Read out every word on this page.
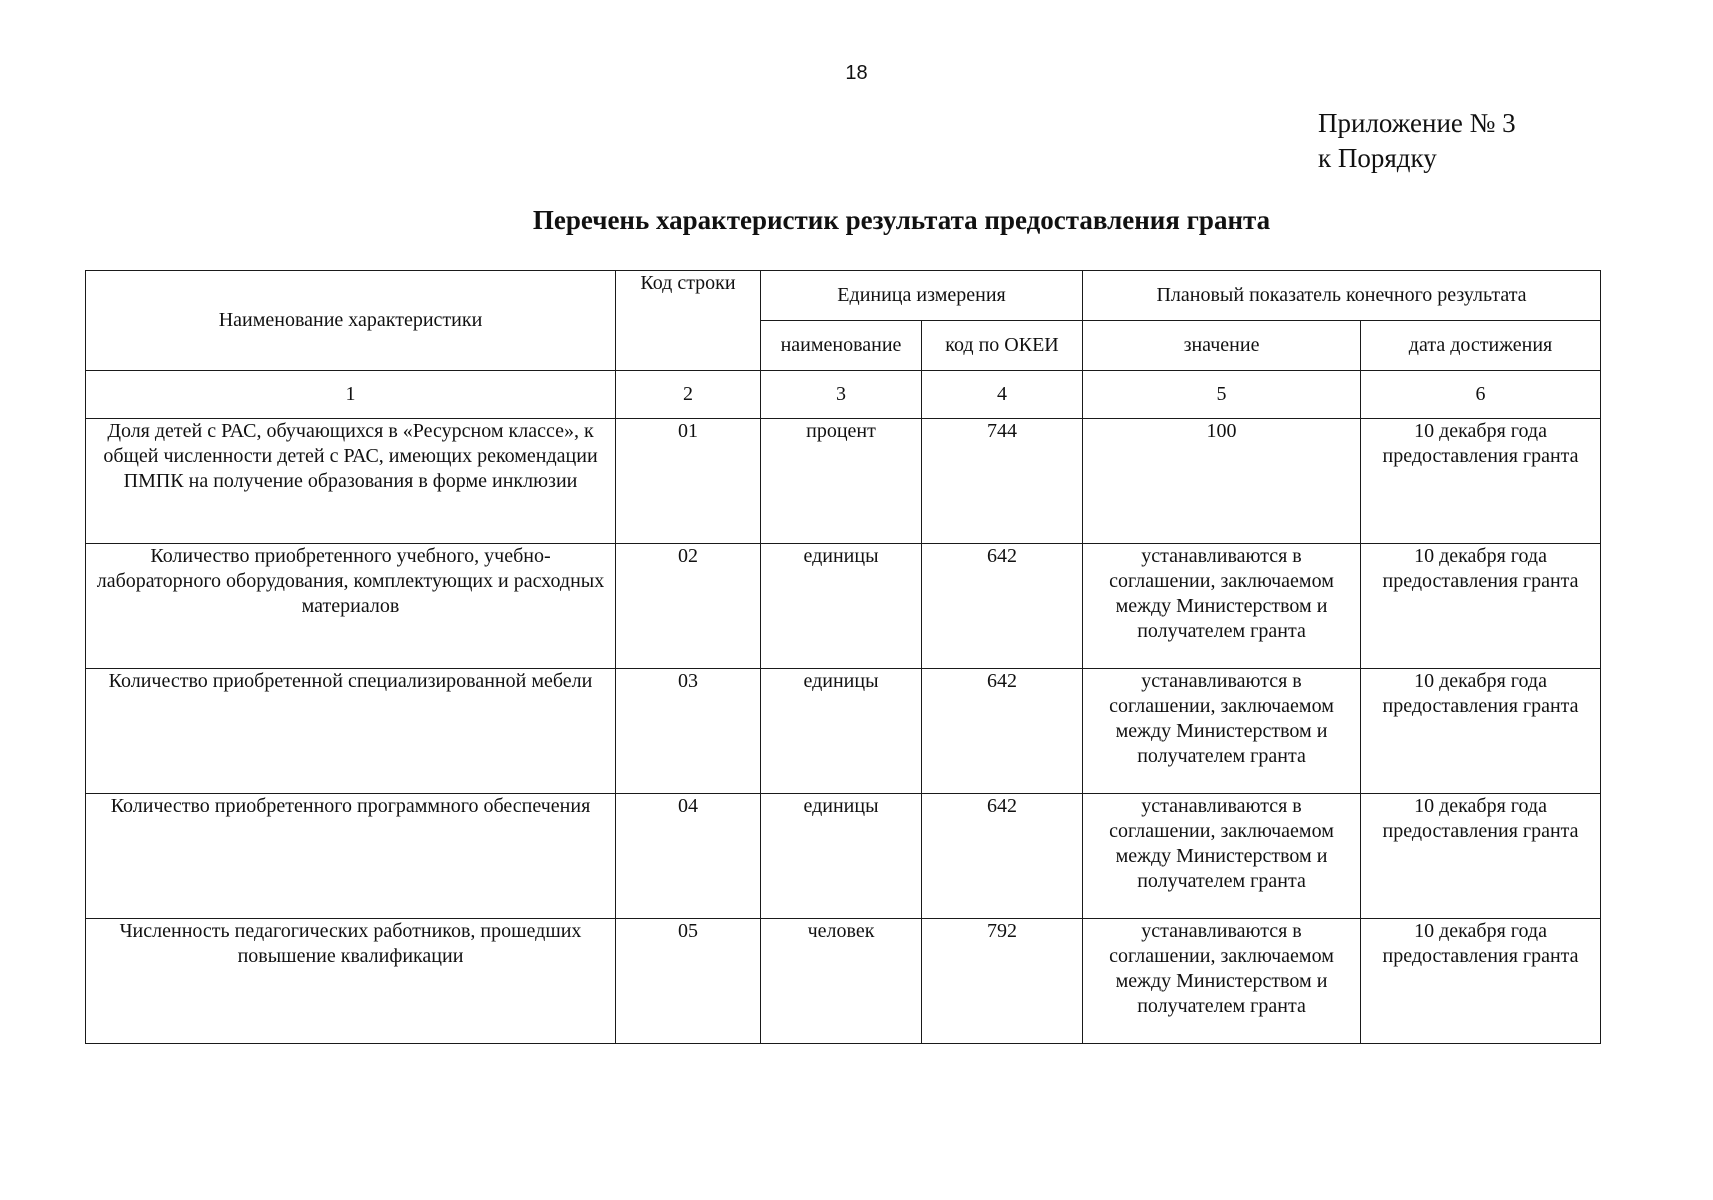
18
Приложение № 3
к Порядку
Перечень характеристик результата предоставления гранта
Наименование характеристики	Код строки	Единица измерения		Плановый показатель конечного результата	
		наименование	код по ОКЕИ	значение	дата достижения
1	2	3	4	5	6
Доля детей с РАС, обучающихся в «Ресурсном классе», к общей численности детей с РАС, имеющих рекомендации ПМПК на получение образования в форме инклюзии	01	процент	744	100	10 декабря года предоставления гранта
Количество приобретенного учебного, учебно-лабораторного оборудования, комплектующих и расходных материалов	02	единицы	642	устанавливаются в соглашении, заключаемом между Министерством и получателем гранта	10 декабря года предоставления гранта
Количество приобретенной специализированной мебели	03	единицы	642	устанавливаются в соглашении, заключаемом между Министерством и получателем гранта	10 декабря года предоставления гранта
Количество приобретенного программного обеспечения	04	единицы	642	устанавливаются в соглашении, заключаемом между Министерством и получателем гранта	10 декабря года предоставления гранта
Численность педагогических работников, прошедших повышение квалификации	05	человек	792	устанавливаются в соглашении, заключаемом между Министерством и получателем гранта	10 декабря года предоставления гранта
